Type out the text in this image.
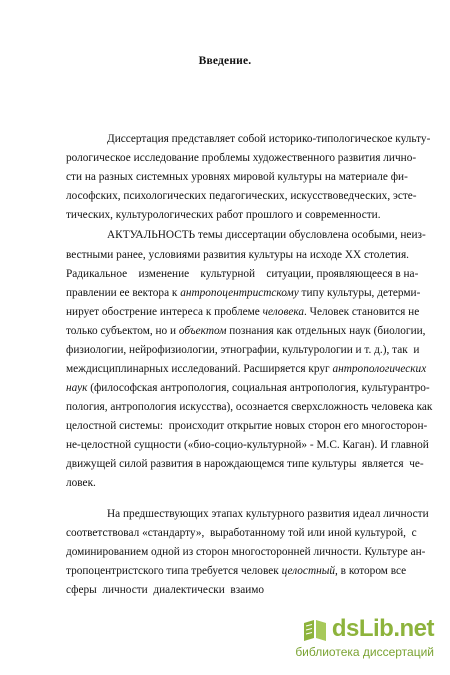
Введение.
Диссертация представляет собой историко-типологическое культу-
рологическое исследование проблемы художественного развития лично-
сти на разных системных уровнях мировой культуры на материале фи-
лософских, психологических педагогических, искусствоведческих, эсте-
тических, культурологических работ прошлого и современности.
АКТУАЛЬНОСТЬ темы диссертации обусловлена особыми, неиз-
вестными ранее, условиями развития культуры на исходе XX столетия.
Радикальное    изменение    культурной    ситуации, проявляющееся в на-
правлении ее вектора к антропоцентристскому типу культуры, детерми-
нирует обострение интереса к проблеме человека. Человек становится не
только субъектом, но и объектом познания как отдельных наук (биологии,
физиологии, нейрофизиологии, этнографии, культурологии и т. д.), так  и
междисциплинарных исследований. Расширяется круг антропологических
наук (философская антропология, социальная антропология, культурантро-
пология, антропология искусства), осознается сверхсложность человека как
целостной системы:  происходит открытие новых сторон его многосторон-
не-целостной сущности («био-социо-культурной» - М.С. Каган). И главной
движущей силой развития в нарождающемся типе культуры  является  че-
ловек.
На предшествующих этапах культурного развития идеал личности
соответствовал «стандарту»,  выработанному той или иной культурой,  с
доминированием одной из сторон многосторонней личности. Культуре ан-
тропоцентристского типа требуется человек целостный, в котором все
сферы  личности  диалектически  взаимо
dsLib.net
библиотека диссертаций
